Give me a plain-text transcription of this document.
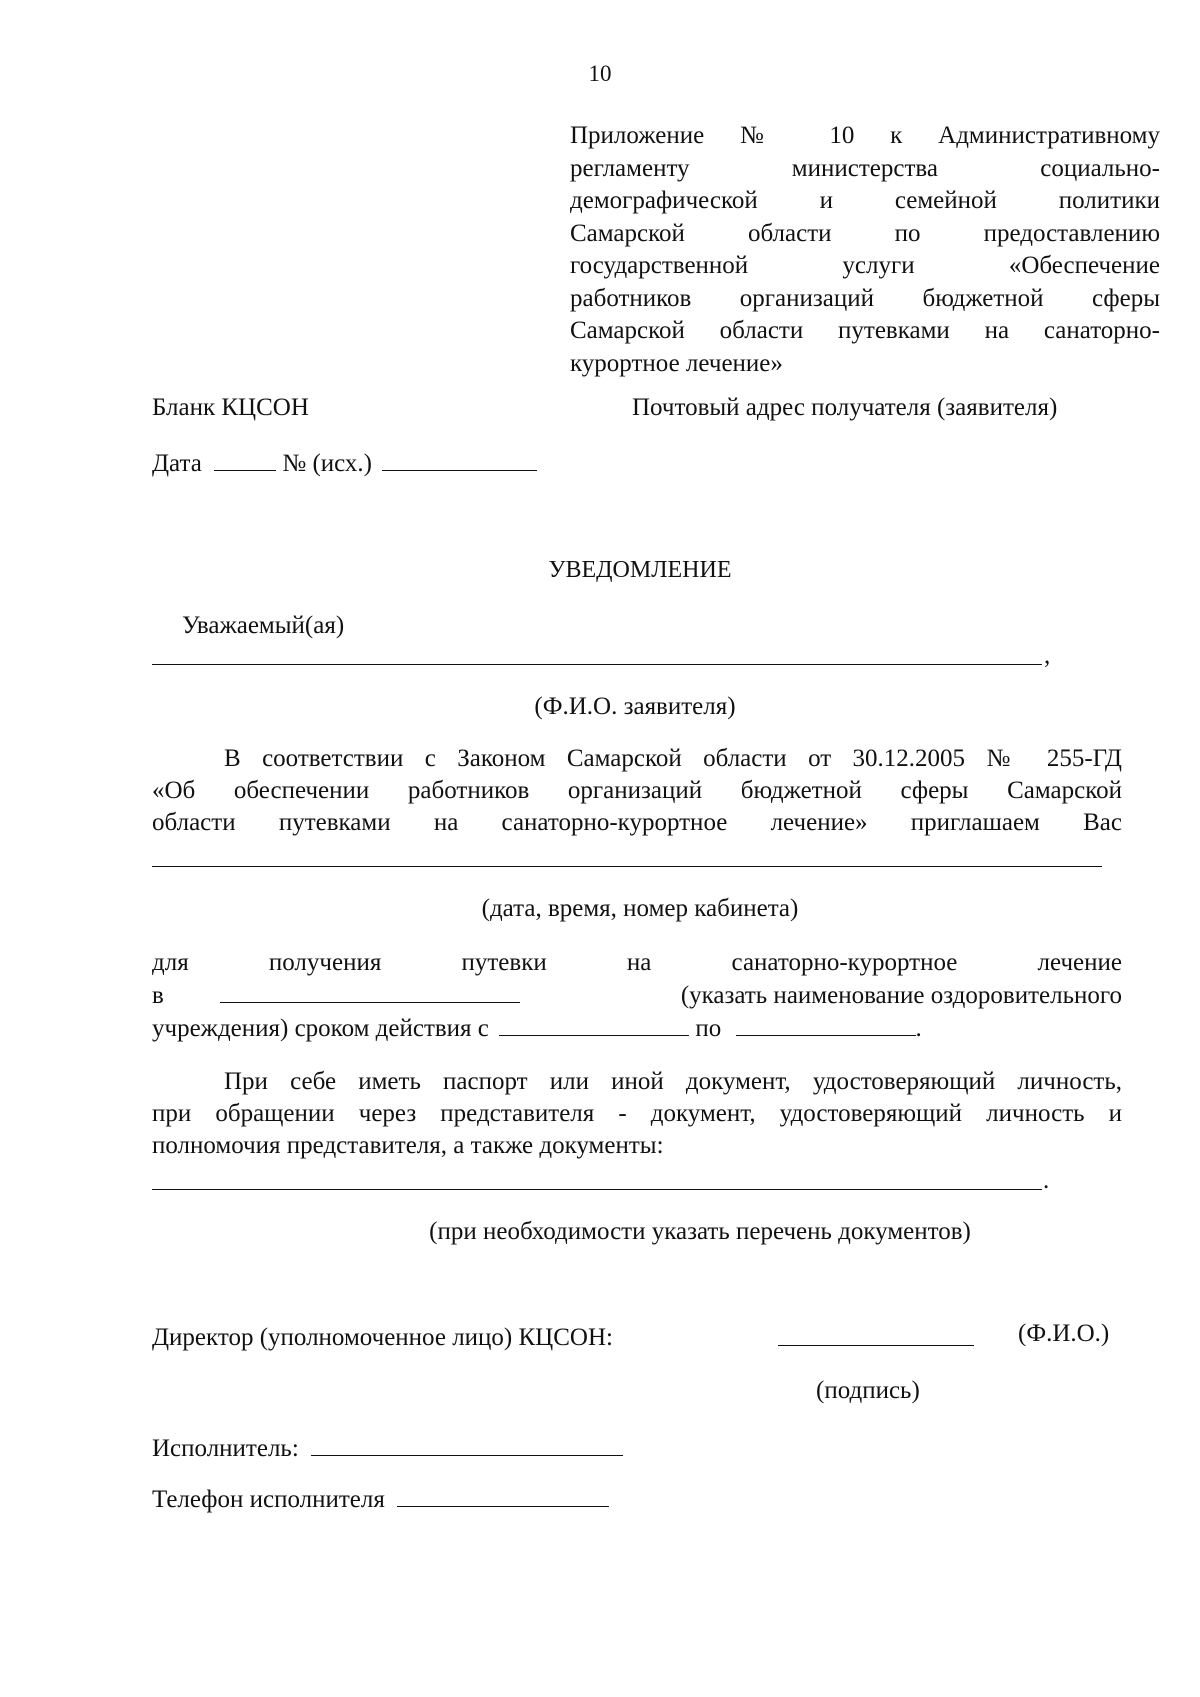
10
Приложение № 10 к Административному
регламенту министерства социально-
демографической и семейной политики
Самарской области по предоставлению
государственной услуги «Обеспечение
работников организаций бюджетной сферы
Самарской области путевками на санаторно-
курортное лечение»
Бланк КЦСОН	Почтовый адрес получателя (заявителя)
Дата	№ (исх.)
УВЕДОМЛЕНИЕ
Уважаемый(ая)
,
(Ф.И.О. заявителя)
В соответствии с Законом Самарской области от 30.12.2005 № 255-ГД
«Об обеспечении работников организаций бюджетной сферы Самарской
области путевками на санаторно-курортное лечение» приглашаем Вас
(дата, время, номер кабинета)
для получения путевки на санаторно-курортное лечение
в	(указать наименование оздоровительного
учреждения) сроком действия с	по	.
При себе иметь паспорт или иной документ, удостоверяющий личность,
при обращении через представителя - документ, удостоверяющий личность и
полномочия представителя, а также документы:
.
(при необходимости указать перечень документов)
Директор (уполномоченное лицо) КЦСОН:	(Ф.И.О.)
(подпись)
Исполнитель:
Телефон исполнителя
